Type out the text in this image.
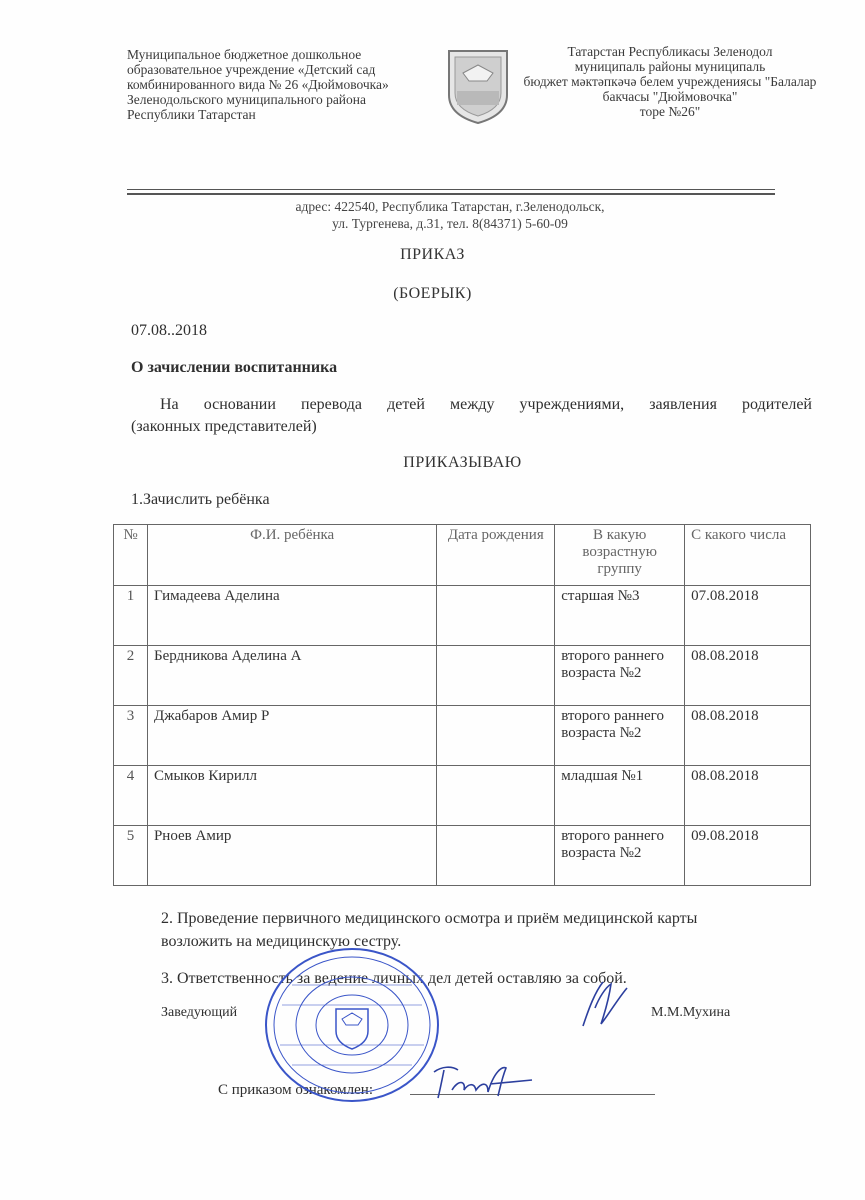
Муниципальное бюджетное дошкольное
образовательное учреждение «Детский сад
комбинированного вида № 26 «Дюймовочка»
Зеленодольского муниципального района
Республики Татарстан
Татарстан Республикасы Зеленодол
муниципаль районы муниципаль
бюджет мәктәпкәчә белем учреждениясы "Балалар
бакчасы "Дюймовочка"
торе №26"
адрес: 422540, Республика Татарстан, г.Зеленодольск,
ул. Тургенева, д.31, тел. 8(84371) 5-60-09
ПРИКАЗ
(БОЕРЫК)
07.08..2018
О зачислении воспитанника
На основании перевода детей между учреждениями, заявления родителей
(законных представителей)
ПРИКАЗЫВАЮ
1.Зачислить ребёнка
№	Ф.И. ребёнка	Дата рождения	В какую возрастную группу	С какого числа
1	Гимадеева Аделина		старшая №3	07.08.2018
2	Бердникова Аделина А		второго раннего возраста №2	08.08.2018
3	Джабаров Амир Р		второго раннего возраста №2	08.08.2018
4	Смыков Кирилл		младшая №1	08.08.2018
5	Рноев Амир		второго раннего возраста №2	09.08.2018
2. Проведение первичного медицинского осмотра и приём медицинской карты
возложить на медицинскую сестру.
3. Ответственность за ведение личных дел детей оставляю за собой.
Заведующий	М.М.Мухина
С приказом ознакомлен:
